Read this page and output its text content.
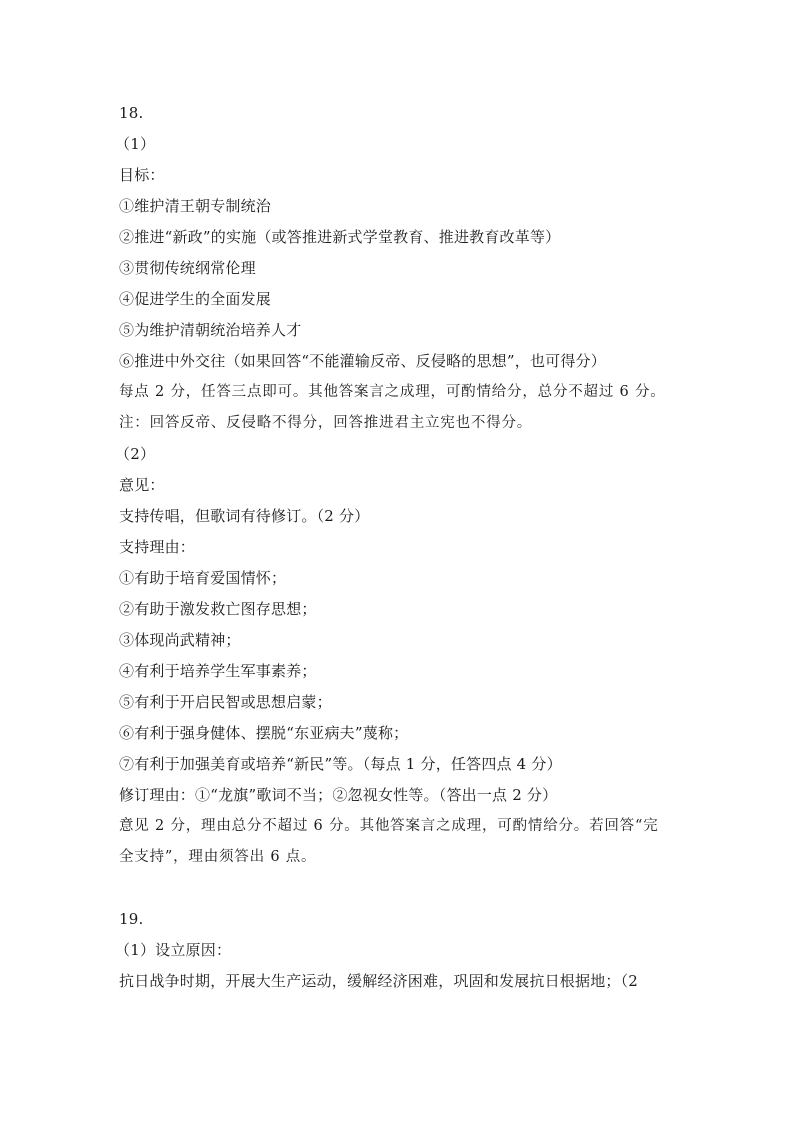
18.
（1）
目标：
①维护清王朝专制统治
②推进“新政”的实施（或答推进新式学堂教育、推进教育改革等）
③贯彻传统纲常伦理
④促进学生的全面发展
⑤为维护清朝统治培养人才
⑥推进中外交往（如果回答“不能灌输反帝、反侵略的思想”，也可得分）
每点 2 分，任答三点即可。其他答案言之成理，可酌情给分，总分不超过 6 分。
注：回答反帝、反侵略不得分，回答推进君主立宪也不得分。
（2）
意见：
支持传唱，但歌词有待修订。（2 分）
支持理由：
①有助于培育爱国情怀；
②有助于激发救亡图存思想；
③体现尚武精神；
④有利于培养学生军事素养；
⑤有利于开启民智或思想启蒙；
⑥有利于强身健体、摆脱“东亚病夫”蔑称；
⑦有利于加强美育或培养“新民”等。（每点 1 分，任答四点 4 分）
修订理由：①“龙旗”歌词不当；②忽视女性等。（答出一点 2 分）
意见 2 分，理由总分不超过 6 分。其他答案言之成理，可酌情给分。若回答“完
全支持”，理由须答出 6 点。
19.
（1）设立原因：
抗日战争时期，开展大生产运动，缓解经济困难，巩固和发展抗日根据地；（2
